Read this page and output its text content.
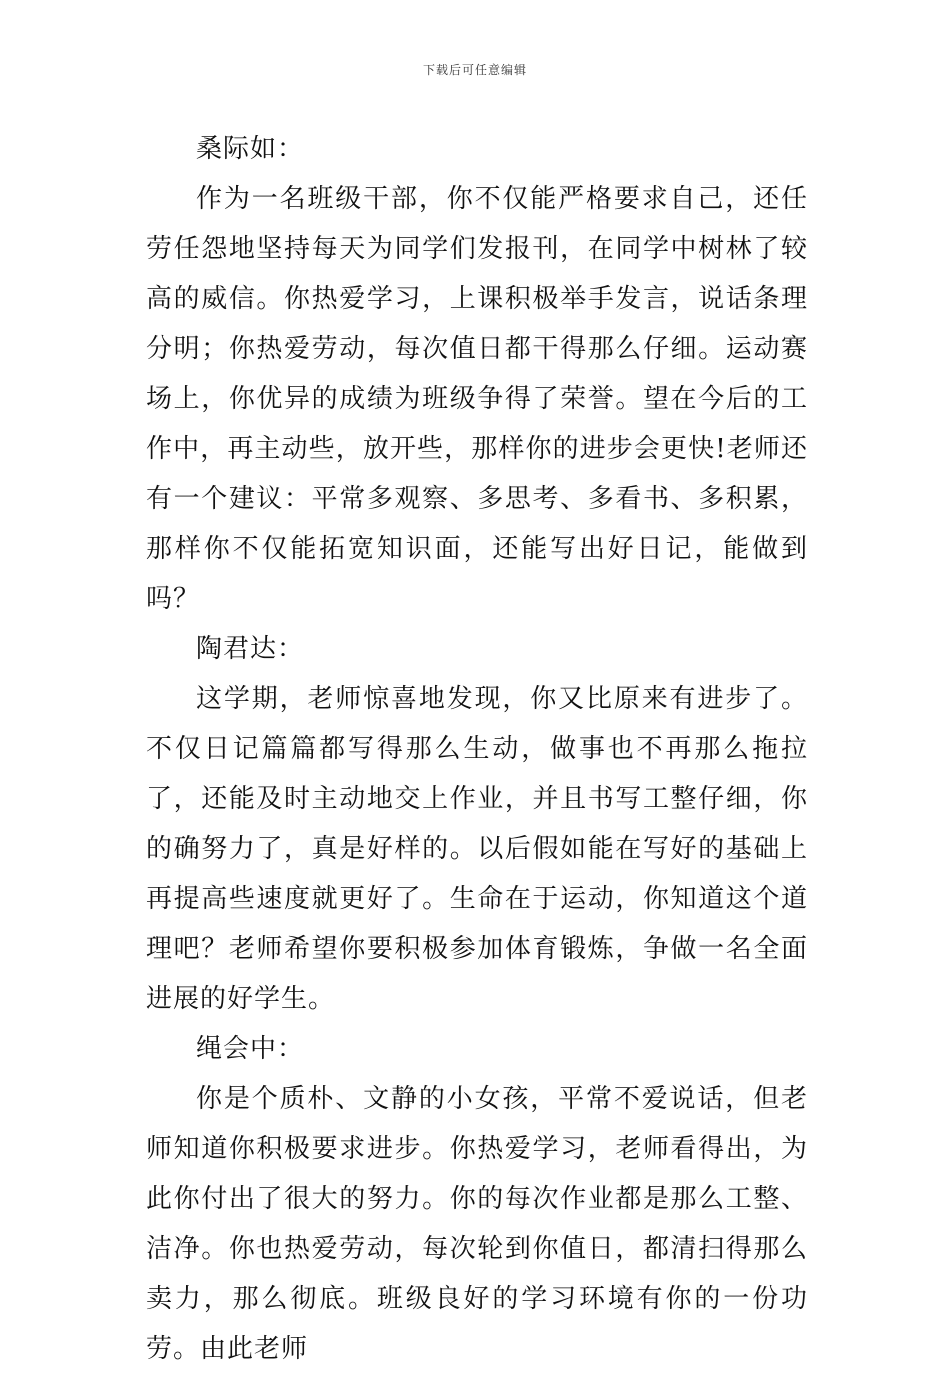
下载后可任意编辑

桑际如：

作为一名班级干部，你不仅能严格要求自己，还任劳任怨地坚持每天为同学们发报刊，在同学中树林了较高的威信。你热爱学习，上课积极举手发言，说话条理分明；你热爱劳动，每次值日都干得那么仔细。运动赛场上，你优异的成绩为班级争得了荣誉。望在今后的工作中，再主动些，放开些，那样你的进步会更快!老师还有一个建议：平常多观察、多思考、多看书、多积累，那样你不仅能拓宽知识面，还能写出好日记，能做到吗？

陶君达：

这学期，老师惊喜地发现，你又比原来有进步了。不仅日记篇篇都写得那么生动，做事也不再那么拖拉了，还能及时主动地交上作业，并且书写工整仔细，你的确努力了，真是好样的。以后假如能在写好的基础上再提高些速度就更好了。生命在于运动，你知道这个道理吧？老师希望你要积极参加体育锻炼，争做一名全面进展的好学生。

绳会中：

你是个质朴、文静的小女孩，平常不爱说话，但老师知道你积极要求进步。你热爱学习，老师看得出，为此你付出了很大的努力。你的每次作业都是那么工整、洁净。你也热爱劳动，每次轮到你值日，都清扫得那么卖力，那么彻底。班级良好的学习环境有你的一份功劳。由此老师
